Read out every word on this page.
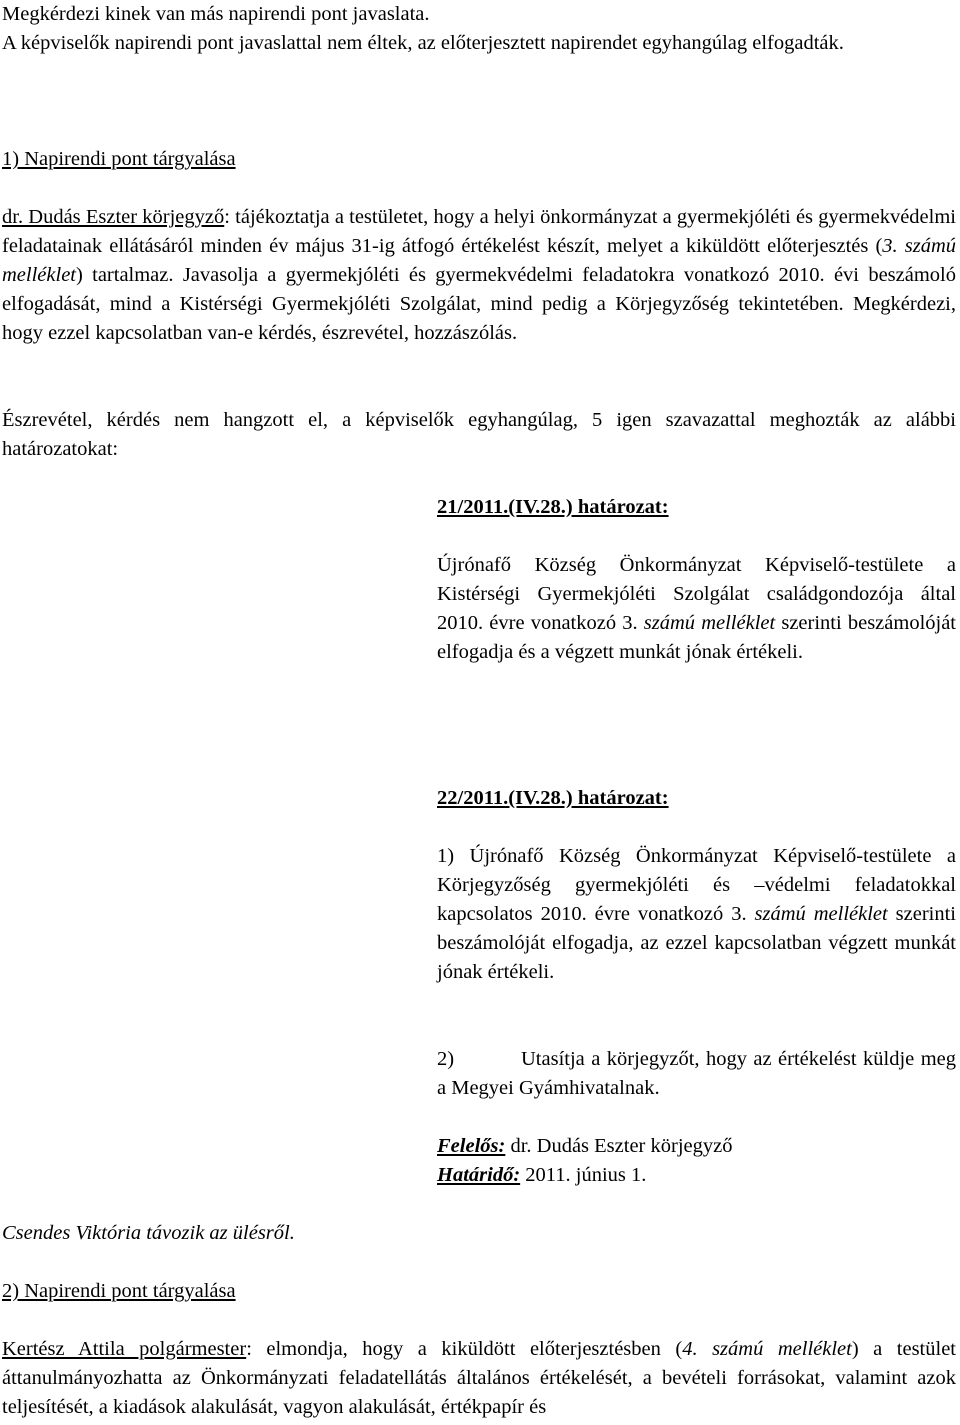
Megkérdezi kinek van más napirendi pont javaslata.

A képviselők napirendi pont javaslattal nem éltek, az előterjesztett napirendet egyhangúlag elfogadták.

1) Napirendi pont tárgyalása

dr. Dudás Eszter körjegyző: tájékoztatja a testületet, hogy a helyi önkormányzat a gyermekjóléti és gyermekvédelmi feladatainak ellátásáról minden év május 31-ig átfogó értékelést készít, melyet a kiküldött előterjesztés (3. számú melléklet) tartalmaz. Javasolja a gyermekjóléti és gyermekvédelmi feladatokra vonatkozó 2010. évi beszámoló elfogadását, mind a Kistérségi Gyermekjóléti Szolgálat, mind pedig a Körjegyzőség tekintetében. Megkérdezi, hogy ezzel kapcsolatban van-e kérdés, észrevétel, hozzászólás.

Észrevétel, kérdés nem hangzott el, a képviselők egyhangúlag, 5 igen szavazattal meghozták az alábbi határozatokat:

21/2011.(IV.28.) határozat:

Újrónafő Község Önkormányzat Képviselő-testülete a Kistérségi Gyermekjóléti Szolgálat családgondozója által 2010. évre vonatkozó 3. számú melléklet szerinti beszámolóját elfogadja és a végzett munkát jónak értékeli.

22/2011.(IV.28.) határozat:

1) Újrónafő Község Önkormányzat Képviselő-testülete a Körjegyzőség gyermekjóléti és –védelmi feladatokkal kapcsolatos 2010. évre vonatkozó 3. számú melléklet szerinti beszámolóját elfogadja, az ezzel kapcsolatban végzett munkát jónak értékeli.

2)	Utasítja a körjegyzőt, hogy az értékelést küldje meg a Megyei Gyámhivatalnak.

Felelős: dr. Dudás Eszter körjegyző

Határidő: 2011. június 1.

Csendes Viktória távozik az ülésről.

2) Napirendi pont tárgyalása

Kertész Attila polgármester: elmondja, hogy a kiküldött előterjesztésben (4. számú melléklet) a testület áttanulmányozhatta az Önkormányzati feladatellátás általános értékelését, a bevételi forrásokat, valamint azok teljesítését, a kiadások alakulását, vagyon alakulását, értékpapír és
